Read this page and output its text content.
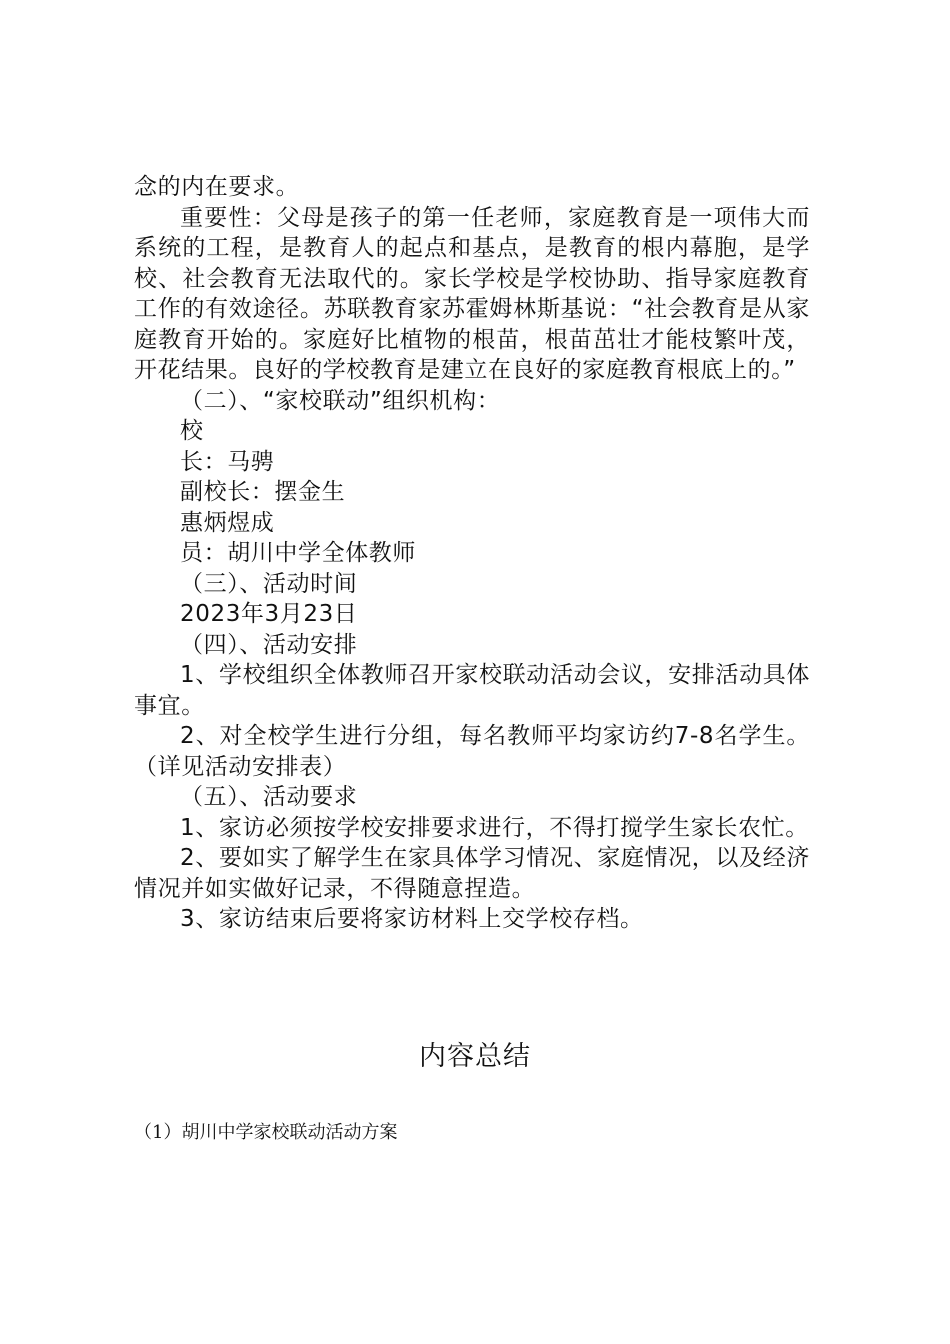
念的内在要求。

重要性：父母是孩子的第一任老师，家庭教育是一项伟大而系统的工程，是教育人的起点和基点，是教育的根内幕胞，是学校、社会教育无法取代的。家长学校是学校协助、指导家庭教育工作的有效途径。苏联教育家苏霍姆林斯基说：“社会教育是从家庭教育开始的。家庭好比植物的根苗，根苗茁壮才能枝繁叶茂，开花结果。良好的学校教育是建立在良好的家庭教育根底上的。”

（二）、“家校联动”组织机构：

校

长：马骋

副校长：摆金生

惠炳煜成

员：胡川中学全体教师

（三）、活动时间

2023年3月23日

（四）、活动安排

1、学校组织全体教师召开家校联动活动会议，安排活动具体事宜。

2、对全校学生进行分组，每名教师平均家访约7-8名学生。（详见活动安排表）

（五）、活动要求

1、家访必须按学校安排要求进行，不得打搅学生家长农忙。

2、要如实了解学生在家具体学习情况、家庭情况，以及经济情况并如实做好记录，不得随意捏造。

3、家访结束后要将家访材料上交学校存档。

内容总结
（1）胡川中学家校联动活动方案
